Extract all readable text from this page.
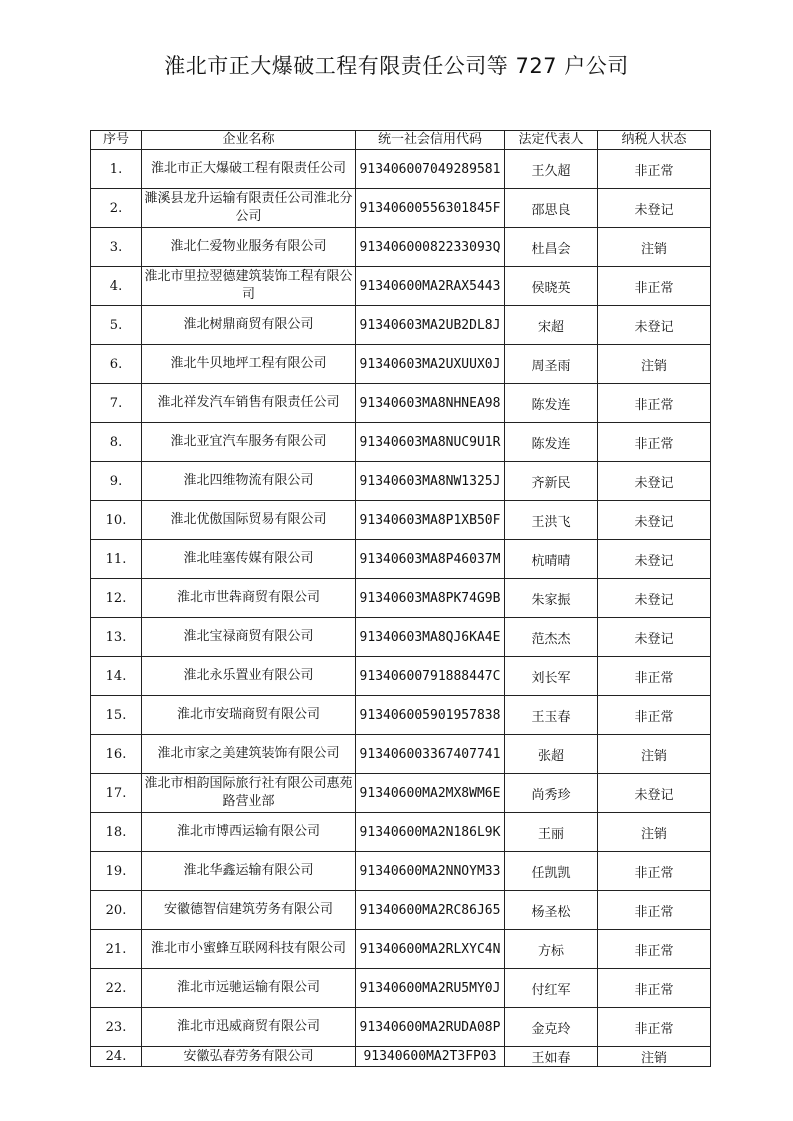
淮北市正大爆破工程有限责任公司等 727 户公司
序号	企业名称	统一社会信用代码	法定代表人	纳税人状态
1.	淮北市正大爆破工程有限责任公司	913406007049289581	王久超	非正常
2.	濉溪县龙升运输有限责任公司淮北分公司	91340600556301845F	邵思良	未登记
3.	淮北仁爱物业服务有限公司	91340600082233093Q	杜昌会	注销
4.	淮北市里拉翌德建筑装饰工程有限公司	91340600MA2RAX5443	侯晓英	非正常
5.	淮北树鼎商贸有限公司	91340603MA2UB2DL8J	宋超	未登记
6.	淮北牛贝地坪工程有限公司	91340603MA2UXUUX0J	周圣雨	注销
7.	淮北祥发汽车销售有限责任公司	91340603MA8NHNEA98	陈发连	非正常
8.	淮北亚宜汽车服务有限公司	91340603MA8NUC9U1R	陈发连	非正常
9.	淮北四维物流有限公司	91340603MA8NW1325J	齐新民	未登记
10.	淮北优傲国际贸易有限公司	91340603MA8P1XB50F	王洪飞	未登记
11.	淮北哇塞传媒有限公司	91340603MA8P46037M	杭晴晴	未登记
12.	淮北市世犇商贸有限公司	91340603MA8PK74G9B	朱家振	未登记
13.	淮北宝禄商贸有限公司	91340603MA8QJ6KA4E	范杰杰	未登记
14.	淮北永乐置业有限公司	91340600791888447C	刘长军	非正常
15.	淮北市安瑞商贸有限公司	913406005901957838	王玉春	非正常
16.	淮北市家之美建筑装饰有限公司	913406003367407741	张超	注销
17.	淮北市相韵国际旅行社有限公司惠苑路营业部	91340600MA2MX8WM6E	尚秀珍	未登记
18.	淮北市博西运输有限公司	91340600MA2N186L9K	王丽	注销
19.	淮北华鑫运输有限公司	91340600MA2NNOYM33	任凯凯	非正常
20.	安徽德智信建筑劳务有限公司	91340600MA2RC86J65	杨圣松	非正常
21.	淮北市小蜜蜂互联网科技有限公司	91340600MA2RLXYC4N	方标	非正常
22.	淮北市远驰运输有限公司	91340600MA2RU5MY0J	付红军	非正常
23.	淮北市迅威商贸有限公司	91340600MA2RUDA08P	金克玲	非正常
24.	安徽弘春劳务有限公司	91340600MA2T3FP03	王如春	注销
